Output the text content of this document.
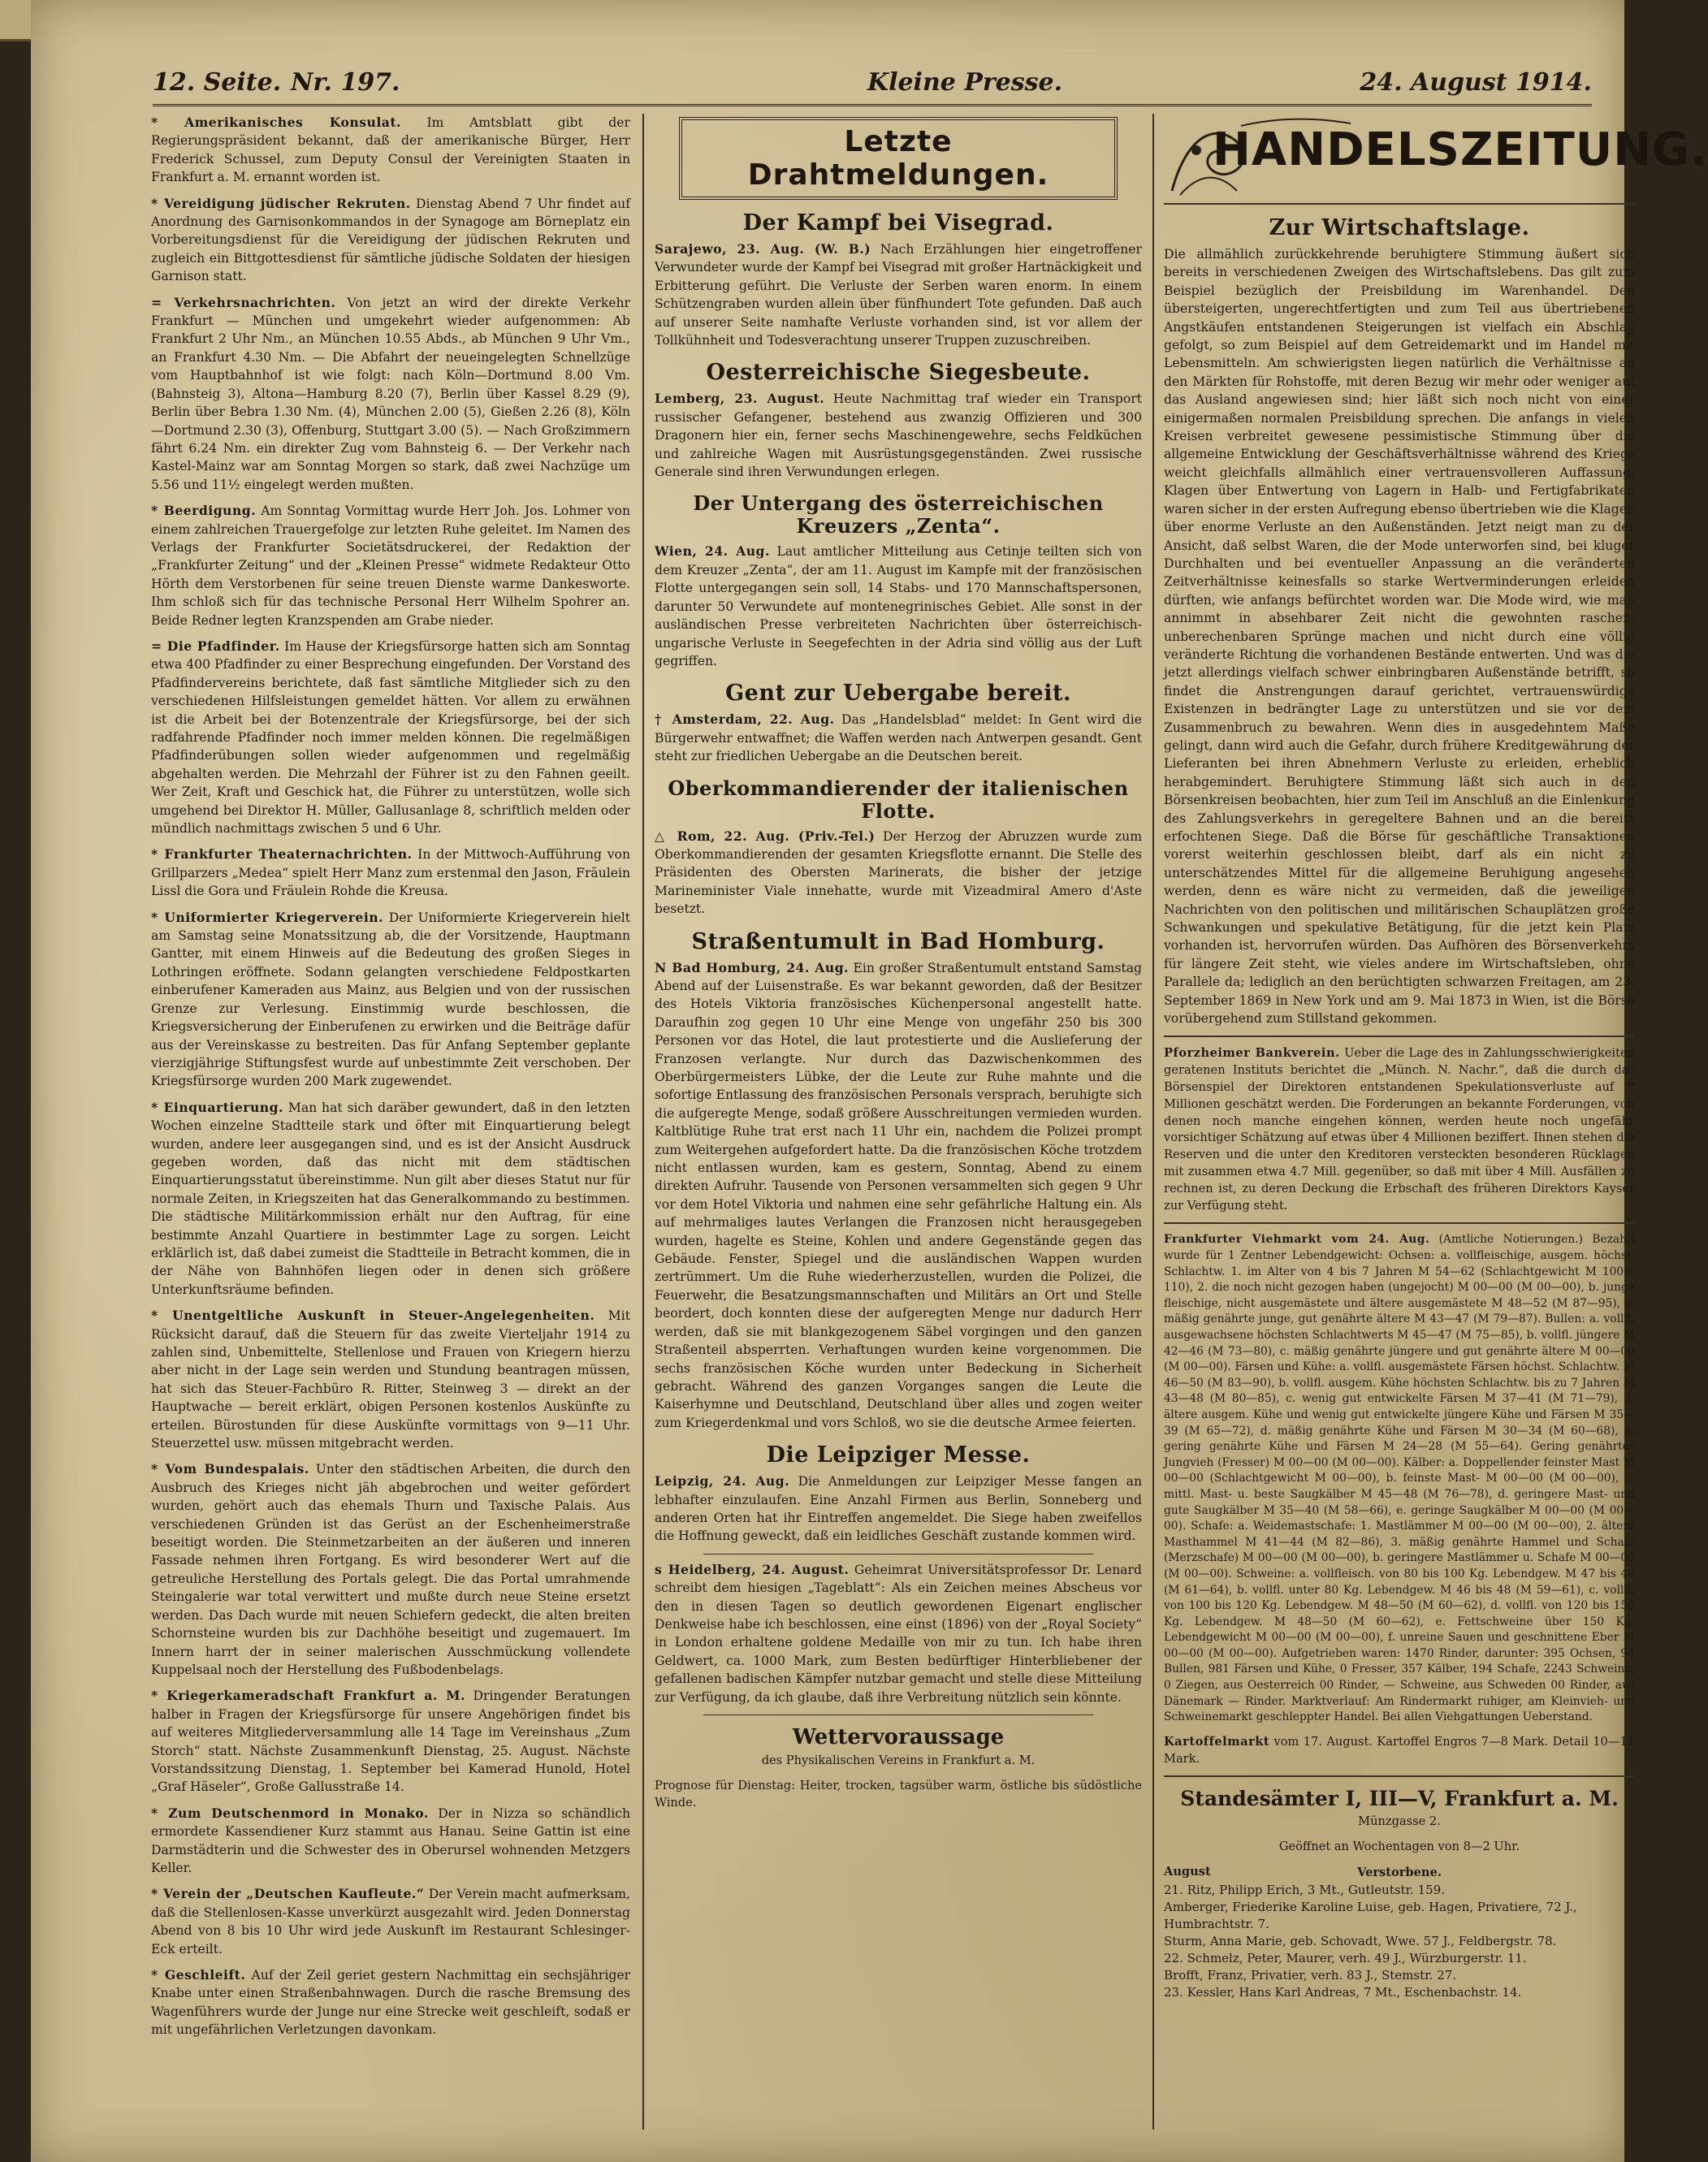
12. Seite. Nr. 197.	Kleine Presse.	24. August 1914.
* Amerikanisches Konsulat. Im Amtsblatt gibt der Regierungspräsident bekannt, daß der amerikanische Bürger, Herr Frederick Schussel, zum Deputy Consul der Vereinigten Staaten in Frankfurt a. M. ernannt worden ist.
* Vereidigung jüdischer Rekruten. Dienstag Abend 7 Uhr findet auf Anordnung des Garnisonkommandos in der Synagoge am Börneplatz ein Vorbereitungsdienst für die Vereidigung der jüdischen Rekruten und zugleich ein Bittgottesdienst für sämtliche jüdische Soldaten der hiesigen Garnison statt.
= Verkehrsnachrichten. Von jetzt an wird der direkte Verkehr Frankfurt — München und umgekehrt wieder aufgenommen: Ab Frankfurt 2 Uhr Nm., an München 10.55 Abds., ab München 9 Uhr Vm., an Frankfurt 4.30 Nm. — Die Abfahrt der neueingelegten Schnellzüge vom Hauptbahnhof ist wie folgt: nach Köln—Dortmund 8.00 Vm. (Bahnsteig 3), Altona—Hamburg 8.20 (7), Berlin über Kassel 8.29 (9), Berlin über Bebra 1.30 Nm. (4), München 2.00 (5), Gießen 2.26 (8), Köln—Dortmund 2.30 (3), Offenburg, Stuttgart 3.00 (5). — Nach Großzimmern fährt 6.24 Nm. ein direkter Zug vom Bahnsteig 6. — Der Verkehr nach Kastel-Mainz war am Sonntag Morgen so stark, daß zwei Nachzüge um 5.56 und 11½ eingelegt werden mußten.
* Beerdigung. Am Sonntag Vormittag wurde Herr Joh. Jos. Lohmer von einem zahlreichen Trauergefolge zur letzten Ruhe geleitet. Im Namen des Verlags der Frankfurter Societätsdruckerei, der Redaktion der „Frankfurter Zeitung“ und der „Kleinen Presse“ widmete Redakteur Otto Hörth dem Verstorbenen für seine treuen Dienste warme Dankesworte. Ihm schloß sich für das technische Personal Herr Wilhelm Spohrer an. Beide Redner legten Kranzspenden am Grabe nieder.
= Die Pfadfinder. Im Hause der Kriegsfürsorge hatten sich am Sonntag etwa 400 Pfadfinder zu einer Besprechung eingefunden. Der Vorstand des Pfadfindervereins berichtete, daß fast sämtliche Mitglieder sich zu den verschiedenen Hilfsleistungen gemeldet hätten. Vor allem zu erwähnen ist die Arbeit bei der Botenzentrale der Kriegsfürsorge, bei der sich radfahrende Pfadfinder noch immer melden können. Die regelmäßigen Pfadfinderübungen sollen wieder aufgenommen und regelmäßig abgehalten werden. Die Mehrzahl der Führer ist zu den Fahnen geeilt. Wer Zeit, Kraft und Geschick hat, die Führer zu unterstützen, wolle sich umgehend bei Direktor H. Müller, Gallusanlage 8, schriftlich melden oder mündlich nachmittags zwischen 5 und 6 Uhr.
* Frankfurter Theaternachrichten. In der Mittwoch-Aufführung von Grillparzers „Medea“ spielt Herr Manz zum erstenmal den Jason, Fräulein Lissl die Gora und Fräulein Rohde die Kreusa.
* Uniformierter Kriegerverein. Der Uniformierte Kriegerverein hielt am Samstag seine Monatssitzung ab, die der Vorsitzende, Hauptmann Gantter, mit einem Hinweis auf die Bedeutung des großen Sieges in Lothringen eröffnete. Sodann gelangten verschiedene Feldpostkarten einberufener Kameraden aus Mainz, aus Belgien und von der russischen Grenze zur Verlesung. Einstimmig wurde beschlossen, die Kriegsversicherung der Einberufenen zu erwirken und die Beiträge dafür aus der Vereinskasse zu bestreiten. Das für Anfang September geplante vierzigjährige Stiftungsfest wurde auf unbestimmte Zeit verschoben. Der Kriegsfürsorge wurden 200 Mark zugewendet.
* Einquartierung. Man hat sich daräber gewundert, daß in den letzten Wochen einzelne Stadtteile stark und öfter mit Einquartierung belegt wurden, andere leer ausgegangen sind, und es ist der Ansicht Ausdruck gegeben worden, daß das nicht mit dem städtischen Einquartierungsstatut übereinstimme. Nun gilt aber dieses Statut nur für normale Zeiten, in Kriegszeiten hat das Generalkommando zu bestimmen. Die städtische Militärkommission erhält nur den Auftrag, für eine bestimmte Anzahl Quartiere in bestimmter Lage zu sorgen. Leicht erklärlich ist, daß dabei zumeist die Stadtteile in Betracht kommen, die in der Nähe von Bahnhöfen liegen oder in denen sich größere Unterkunftsräume befinden.
* Unentgeltliche Auskunft in Steuer-Angelegenheiten. Mit Rücksicht darauf, daß die Steuern für das zweite Vierteljahr 1914 zu zahlen sind, Unbemittelte, Stellenlose und Frauen von Kriegern hierzu aber nicht in der Lage sein werden und Stundung beantragen müssen, hat sich das Steuer-Fachbüro R. Ritter, Steinweg 3 — direkt an der Hauptwache — bereit erklärt, obigen Personen kostenlos Auskünfte zu erteilen. Bürostunden für diese Auskünfte vormittags von 9—11 Uhr. Steuerzettel usw. müssen mitgebracht werden.
* Vom Bundespalais. Unter den städtischen Arbeiten, die durch den Ausbruch des Krieges nicht jäh abgebrochen und weiter gefördert wurden, gehört auch das ehemals Thurn und Taxische Palais. Aus verschiedenen Gründen ist das Gerüst an der Eschenheimerstraße beseitigt worden. Die Steinmetzarbeiten an der äußeren und inneren Fassade nehmen ihren Fortgang. Es wird besonderer Wert auf die getreuliche Herstellung des Portals gelegt. Die das Portal umrahmende Steingalerie war total verwittert und mußte durch neue Steine ersetzt werden. Das Dach wurde mit neuen Schiefern gedeckt, die alten breiten Schornsteine wurden bis zur Dachhöhe beseitigt und zugemauert. Im Innern harrt der in seiner malerischen Ausschmückung vollendete Kuppelsaal noch der Herstellung des Fußbodenbelags.
* Kriegerkameradschaft Frankfurt a. M. Dringender Beratungen halber in Fragen der Kriegsfürsorge für unsere Angehörigen findet bis auf weiteres Mitgliederversammlung alle 14 Tage im Vereinshaus „Zum Storch“ statt. Nächste Zusammenkunft Dienstag, 25. August. Nächste Vorstandssitzung Dienstag, 1. September bei Kamerad Hunold, Hotel „Graf Häseler“, Große Gallusstraße 14.
* Zum Deutschenmord in Monako. Der in Nizza so schändlich ermordete Kassendiener Kurz stammt aus Hanau. Seine Gattin ist eine Darmstädterin und die Schwester des in Oberursel wohnenden Metzgers Keller.
* Verein der „Deutschen Kaufleute.“ Der Verein macht aufmerksam, daß die Stellenlosen-Kasse unverkürzt ausgezahlt wird. Jeden Donnerstag Abend von 8 bis 10 Uhr wird jede Auskunft im Restaurant Schlesinger-Eck erteilt.
* Geschleift. Auf der Zeil geriet gestern Nachmittag ein sechsjähriger Knabe unter einen Straßenbahnwagen. Durch die rasche Bremsung des Wagenführers wurde der Junge nur eine Strecke weit geschleift, sodaß er mit ungefährlichen Verletzungen davonkam.
Letzte Drahtmeldungen.
Der Kampf bei Visegrad.
Sarajewo, 23. Aug. (W. B.) Nach Erzählungen hier eingetroffener Verwundeter wurde der Kampf bei Visegrad mit großer Hartnäckigkeit und Erbitterung geführt. Die Verluste der Serben waren enorm. In einem Schützengraben wurden allein über fünfhundert Tote gefunden. Daß auch auf unserer Seite namhafte Verluste vorhanden sind, ist vor allem der Tollkühnheit und Todesverachtung unserer Truppen zuzuschreiben.
Oesterreichische Siegesbeute.
Lemberg, 23. August. Heute Nachmittag traf wieder ein Transport russischer Gefangener, bestehend aus zwanzig Offizieren und 300 Dragonern hier ein, ferner sechs Maschinengewehre, sechs Feldküchen und zahlreiche Wagen mit Ausrüstungsgegenständen. Zwei russische Generale sind ihren Verwundungen erlegen.
Der Untergang des österreichischen Kreuzers „Zenta“.
Wien, 24. Aug. Laut amtlicher Mitteilung aus Cetinje teilten sich von dem Kreuzer „Zenta“, der am 11. August im Kampfe mit der französischen Flotte untergegangen sein soll, 14 Stabs- und 170 Mannschaftspersonen, darunter 50 Verwundete auf montenegrinisches Gebiet. Alle sonst in der ausländischen Presse verbreiteten Nachrichten über österreichisch-ungarische Verluste in Seegefechten in der Adria sind völlig aus der Luft gegriffen.
Gent zur Uebergabe bereit.
† Amsterdam, 22. Aug. Das „Handelsblad“ meldet: In Gent wird die Bürgerwehr entwaffnet; die Waffen werden nach Antwerpen gesandt. Gent steht zur friedlichen Uebergabe an die Deutschen bereit.
Oberkommandierender der italienischen Flotte.
△ Rom, 22. Aug. (Priv.-Tel.) Der Herzog der Abruzzen wurde zum Oberkommandierenden der gesamten Kriegsflotte ernannt. Die Stelle des Präsidenten des Obersten Marinerats, die bisher der jetzige Marineminister Viale innehatte, wurde mit Vizeadmiral Amero d'Aste besetzt.
Straßentumult in Bad Homburg.
N Bad Homburg, 24. Aug. Ein großer Straßentumult entstand Samstag Abend auf der Luisenstraße. Es war bekannt geworden, daß der Besitzer des Hotels Viktoria französisches Küchenpersonal angestellt hatte. Daraufhin zog gegen 10 Uhr eine Menge von ungefähr 250 bis 300 Personen vor das Hotel, die laut protestierte und die Auslieferung der Franzosen verlangte. Nur durch das Dazwischenkommen des Oberbürgermeisters Lübke, der die Leute zur Ruhe mahnte und die sofortige Entlassung des französischen Personals versprach, beruhigte sich die aufgeregte Menge, sodaß größere Ausschreitungen vermieden wurden. Kaltblütige Ruhe trat erst nach 11 Uhr ein, nachdem die Polizei prompt zum Weitergehen aufgefordert hatte. Da die französischen Köche trotzdem nicht entlassen wurden, kam es gestern, Sonntag, Abend zu einem direkten Aufruhr. Tausende von Personen versammelten sich gegen 9 Uhr vor dem Hotel Viktoria und nahmen eine sehr gefährliche Haltung ein. Als auf mehrmaliges lautes Verlangen die Franzosen nicht herausgegeben wurden, hagelte es Steine, Kohlen und andere Gegenstände gegen das Gebäude. Fenster, Spiegel und die ausländischen Wappen wurden zertrümmert. Um die Ruhe wiederherzustellen, wurden die Polizei, die Feuerwehr, die Besatzungsmannschaften und Militärs an Ort und Stelle beordert, doch konnten diese der aufgeregten Menge nur dadurch Herr werden, daß sie mit blankgezogenem Säbel vorgingen und den ganzen Straßenteil absperrten. Verhaftungen wurden keine vorgenommen. Die sechs französischen Köche wurden unter Bedeckung in Sicherheit gebracht. Während des ganzen Vorganges sangen die Leute die Kaiserhymne und Deutschland, Deutschland über alles und zogen weiter zum Kriegerdenkmal und vors Schloß, wo sie die deutsche Armee feierten.
Die Leipziger Messe.
Leipzig, 24. Aug. Die Anmeldungen zur Leipziger Messe fangen an lebhafter einzulaufen. Eine Anzahl Firmen aus Berlin, Sonneberg und anderen Orten hat ihr Eintreffen angemeldet. Die Siege haben zweifellos die Hoffnung geweckt, daß ein leidliches Geschäft zustande kommen wird.
s Heidelberg, 24. August. Geheimrat Universitätsprofessor Dr. Lenard schreibt dem hiesigen „Tageblatt“: Als ein Zeichen meines Abscheus vor den in diesen Tagen so deutlich gewordenen Eigenart englischer Denkweise habe ich beschlossen, eine einst (1896) von der „Royal Society“ in London erhaltene goldene Medaille von mir zu tun. Ich habe ihren Geldwert, ca. 1000 Mark, zum Besten bedürftiger Hinterbliebener der gefallenen badischen Kämpfer nutzbar gemacht und stelle diese Mitteilung zur Verfügung, da ich glaube, daß ihre Verbreitung nützlich sein könnte.
Wettervoraussage
des Physikalischen Vereins in Frankfurt a. M.
Prognose für Dienstag: Heiter, trocken, tagsüber warm, östliche bis südöstliche Winde.
HANDELSZEITUNG.
Zur Wirtschaftslage.
Die allmählich zurückkehrende beruhigtere Stimmung äußert sich bereits in verschiedenen Zweigen des Wirtschaftslebens. Das gilt zum Beispiel bezüglich der Preisbildung im Warenhandel. Den übersteigerten, ungerechtfertigten und zum Teil aus übertriebenen Angstkäufen entstandenen Steigerungen ist vielfach ein Abschlag gefolgt, so zum Beispiel auf dem Getreidemarkt und im Handel mit Lebensmitteln. Am schwierigsten liegen natürlich die Verhältnisse an den Märkten für Rohstoffe, mit deren Bezug wir mehr oder weniger auf das Ausland angewiesen sind; hier läßt sich noch nicht von einer einigermaßen normalen Preisbildung sprechen. Die anfangs in vielen Kreisen verbreitet gewesene pessimistische Stimmung über die allgemeine Entwicklung der Geschäftsverhältnisse während des Kriegs weicht gleichfalls allmählich einer vertrauensvolleren Auffassung. Klagen über Entwertung von Lagern in Halb- und Fertigfabrikaten waren sicher in der ersten Aufregung ebenso übertrieben wie die Klagen über enorme Verluste an den Außenständen. Jetzt neigt man zu der Ansicht, daß selbst Waren, die der Mode unterworfen sind, bei kluger Durchhalten und bei eventueller Anpassung an die veränderten Zeitverhältnisse keinesfalls so starke Wertverminderungen erleiden dürften, wie anfangs befürchtet worden war. Die Mode wird, wie man annimmt in absehbarer Zeit nicht die gewohnten raschen, unberechenbaren Sprünge machen und nicht durch eine völlig veränderte Richtung die vorhandenen Bestände entwerten. Und was die jetzt allerdings vielfach schwer einbringbaren Außenstände betrifft, so findet die Anstrengungen darauf gerichtet, vertrauenswürdige Existenzen in bedrängter Lage zu unterstützen und sie vor dem Zusammenbruch zu bewahren. Wenn dies in ausgedehntem Maße gelingt, dann wird auch die Gefahr, durch frühere Kreditgewährung der Lieferanten bei ihren Abnehmern Verluste zu erleiden, erheblich herabgemindert. Beruhigtere Stimmung läßt sich auch in den Börsenkreisen beobachten, hier zum Teil im Anschluß an die Einlenkung des Zahlungsverkehrs in geregeltere Bahnen und an die bereits erfochtenen Siege. Daß die Börse für geschäftliche Transaktionen vorerst weiterhin geschlossen bleibt, darf als ein nicht zu unterschätzendes Mittel für die allgemeine Beruhigung angesehen werden, denn es wäre nicht zu vermeiden, daß die jeweiligen Nachrichten von den politischen und militärischen Schauplätzen große Schwankungen und spekulative Betätigung, für die jetzt kein Platz vorhanden ist, hervorrufen würden. Das Aufhören des Börsenverkehrs für längere Zeit steht, wie vieles andere im Wirtschaftsleben, ohne Parallele da; lediglich an den berüchtigten schwarzen Freitagen, am 23. September 1869 in New York und am 9. Mai 1873 in Wien, ist die Börse vorübergehend zum Stillstand gekommen.
Pforzheimer Bankverein. Ueber die Lage des in Zahlungsschwierigkeiten geratenen Instituts berichtet die „Münch. N. Nachr.“, daß die durch das Börsenspiel der Direktoren entstandenen Spekulationsverluste auf 8 Millionen geschätzt werden. Die Forderungen an bekannte Forderungen, von denen noch manche eingehen können, werden heute noch ungefähr vorsichtiger Schätzung auf etwas über 4 Millionen beziffert. Ihnen stehen die Reserven und die unter den Kreditoren versteckten besonderen Rücklagen mit zusammen etwa 4.7 Mill. gegenüber, so daß mit über 4 Mill. Ausfällen zu rechnen ist, zu deren Deckung die Erbschaft des früheren Direktors Kayser zur Verfügung steht.
Frankfurter Viehmarkt vom 24. Aug. (Amtliche Notierungen.) Bezahlt wurde für 1 Zentner Lebendgewicht: Ochsen: a. vollfleischige, ausgem. höchst. Schlachtw. 1. im Alter von 4 bis 7 Jahren M 54—62 (Schlachtgewicht M 100—110), 2. die noch nicht gezogen haben (ungejocht) M 00—00 (M 00—00), b. junge fleischige, nicht ausgemästete und ältere ausgemästete M 48—52 (M 87—95), c. mäßig genährte junge, gut genährte ältere M 43—47 (M 79—87). Bullen: a. vollfl. ausgewachsene höchsten Schlachtwerts M 45—47 (M 75—85), b. vollfl. jüngere M 42—46 (M 73—80), c. mäßig genährte jüngere und gut genährte ältere M 00—00 (M 00—00). Färsen und Kühe: a. vollfl. ausgemästete Färsen höchst. Schlachtw. M 46—50 (M 83—90), b. vollfl. ausgem. Kühe höchsten Schlachtw. bis zu 7 Jahren M 43—48 (M 80—85), c. wenig gut entwickelte Färsen M 37—41 (M 71—79), 2. ältere ausgem. Kühe und wenig gut entwickelte jüngere Kühe und Färsen M 35—39 (M 65—72), d. mäßig genährte Kühe und Färsen M 30—34 (M 60—68), e. gering genährte Kühe und Färsen M 24—28 (M 55—64). Gering genährtes Jungvieh (Fresser) M 00—00 (M 00—00). Kälber: a. Doppellender feinster Mast M 00—00 (Schlachtgewicht M 00—00), b. feinste Mast- M 00—00 (M 00—00), c. mittl. Mast- u. beste Saugkälber M 45—48 (M 76—78), d. geringere Mast- und gute Saugkälber M 35—40 (M 58—66), e. geringe Saugkälber M 00—00 (M 00—00). Schafe: a. Weidemastschafe: 1. Mastlämmer M 00—00 (M 00—00), 2. ältere Masthammel M 41—44 (M 82—86), 3. mäßig genährte Hammel und Schafe (Merzschafe) M 00—00 (M 00—00), b. geringere Mastlämmer u. Schafe M 00—00 (M 00—00). Schweine: a. vollfleisch. von 80 bis 100 Kg. Lebendgew. M 47 bis 48 (M 61—64), b. vollfl. unter 80 Kg. Lebendgew. M 46 bis 48 (M 59—61), c. vollfl. von 100 bis 120 Kg. Lebendgew. M 48—50 (M 60—62), d. vollfl. von 120 bis 150 Kg. Lebendgew. M 48—50 (M 60—62), e. Fettschweine über 150 Kg. Lebendgewicht M 00—00 (M 00—00), f. unreine Sauen und geschnittene Eber M 00—00 (M 00—00). Aufgetrieben waren: 1470 Rinder, darunter: 395 Ochsen, 94 Bullen, 981 Färsen und Kühe, 0 Fresser, 357 Kälber, 194 Schafe, 2243 Schweine, 0 Ziegen, aus Oesterreich 00 Rinder, — Schweine, aus Schweden 00 Rinder, aus Dänemark — Rinder. Marktverlauf: Am Rindermarkt ruhiger, am Kleinvieh- und Schweinemarkt geschleppter Handel. Bei allen Viehgattungen Ueberstand.
Kartoffelmarkt vom 17. August. Kartoffel Engros 7—8 Mark. Detail 10—11 Mark.
Standesämter I, III—V, Frankfurt a. M.
Münzgasse 2.
Geöffnet an Wochentagen von 8—2 Uhr.
August	Verstorbene.
21. Ritz, Philipp Erich, 3 Mt., Gutleutstr. 159.
Amberger, Friederike Karoline Luise, geb. Hagen, Privatiere, 72 J., Humbrachtstr. 7.
Sturm, Anna Marie, geb. Schovadt, Wwe. 57 J., Feldbergstr. 78.
22. Schmelz, Peter, Maurer, verh. 49 J., Würzburgerstr. 11.
Brofft, Franz, Privatier, verh. 83 J., Stemstr. 27.
23. Kessler, Hans Karl Andreas, 7 Mt., Eschenbachstr. 14.
